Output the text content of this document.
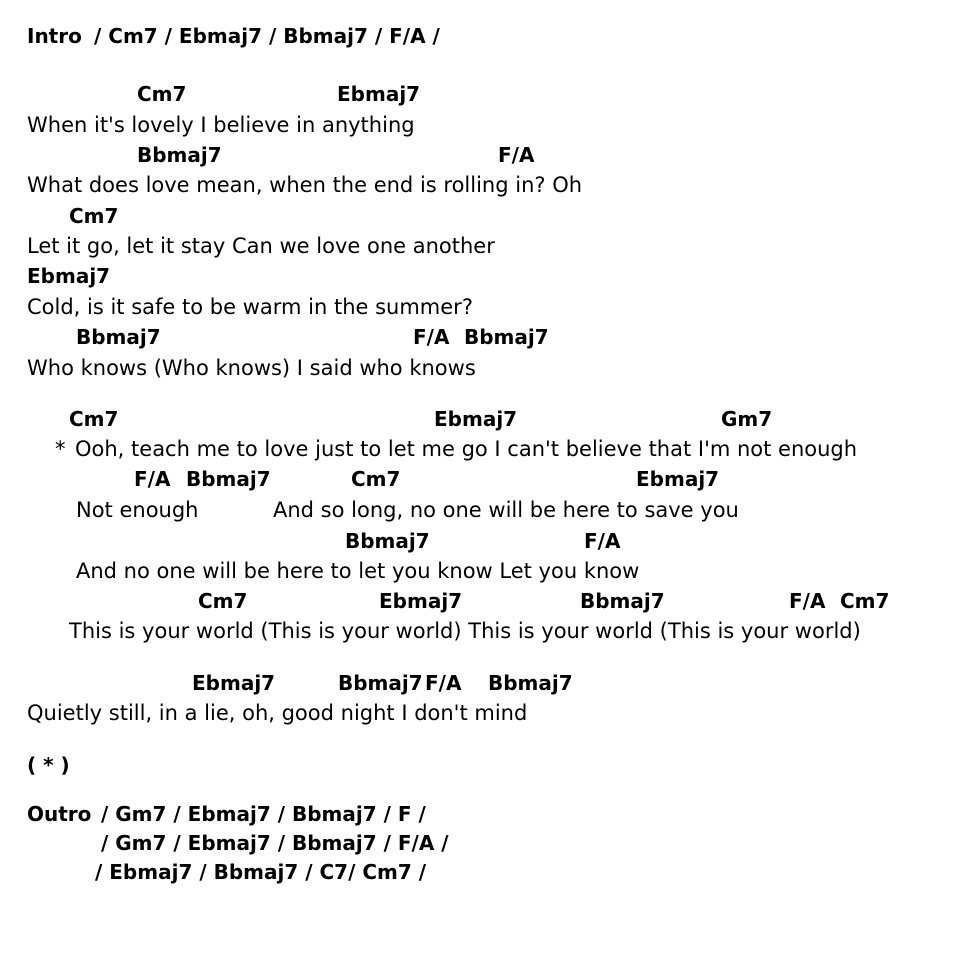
Intro / Cm7 / Ebmaj7 / Bbmaj7 / F/A /
Cm7	Ebmaj7
When it's lovely I believe in anything
Bbmaj7	F/A
What does love mean, when the end is rolling in? Oh
Cm7
Let it go, let it stay Can we love one another
Ebmaj7
Cold, is it safe to be warm in the summer?
Bbmaj7	F/A Bbmaj7
Who knows (Who knows) I said who knows
Cm7	Ebmaj7	Gm7
* Ooh, teach me to love just to let me go I can't believe that I'm not enough
F/A Bbmaj7	Cm7	Ebmaj7
Not enough	And so long, no one will be here to save you
Bbmaj7	F/A
And no one will be here to let you know Let you know
Cm7	Ebmaj7	Bbmaj7	F/A Cm7
This is your world (This is your world) This is your world (This is your world)
Ebmaj7	Bbmaj7 F/A Bbmaj7
Quietly still, in a lie, oh, good night I don't mind
( * )
Outro / Gm7 / Ebmaj7 / Bbmaj7 / F /
/ Gm7 / Ebmaj7 / Bbmaj7 / F/A /
/ Ebmaj7 / Bbmaj7 / C7/ Cm7 /
